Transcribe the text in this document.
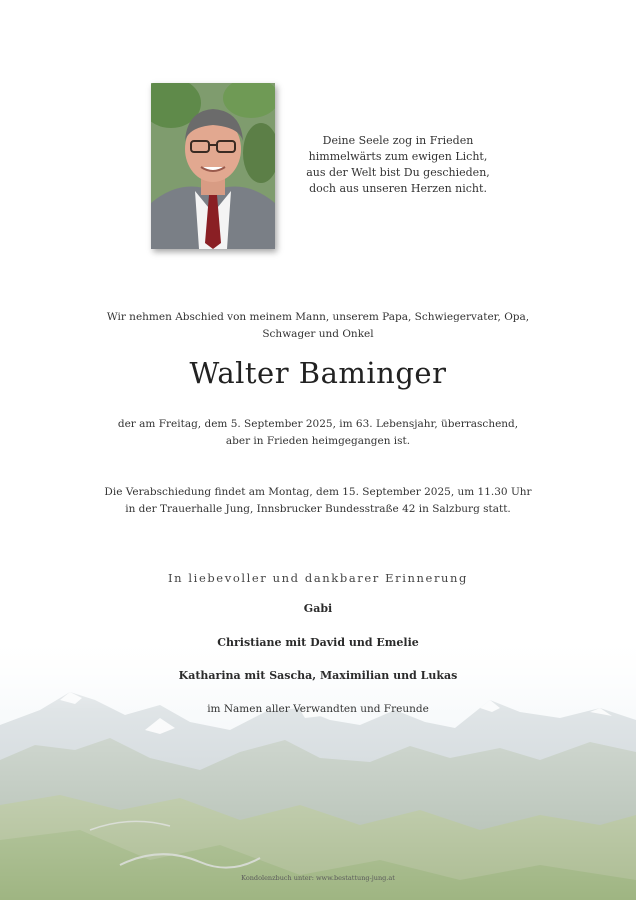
Deine Seele zog in Frieden
himmelwärts zum ewigen Licht,
aus der Welt bist Du geschieden,
doch aus unseren Herzen nicht.
Wir nehmen Abschied von meinem Mann, unserem Papa, Schwiegervater, Opa,
Schwager und Onkel
Walter Baminger
der am Freitag, dem 5. September 2025, im 63. Lebensjahr, überraschend,
aber in Frieden heimgegangen ist.
Die Verabschiedung findet am Montag, dem 15. September 2025, um 11.30 Uhr
in der Trauerhalle Jung, Innsbrucker Bundesstraße 42 in Salzburg statt.
In liebevoller und dankbarer Erinnerung
Gabi
Christiane mit David und Emelie
Katharina mit Sascha, Maximilian und Lukas
im Namen aller Verwandten und Freunde
Kondolenzbuch unter: www.bestattung-jung.at
